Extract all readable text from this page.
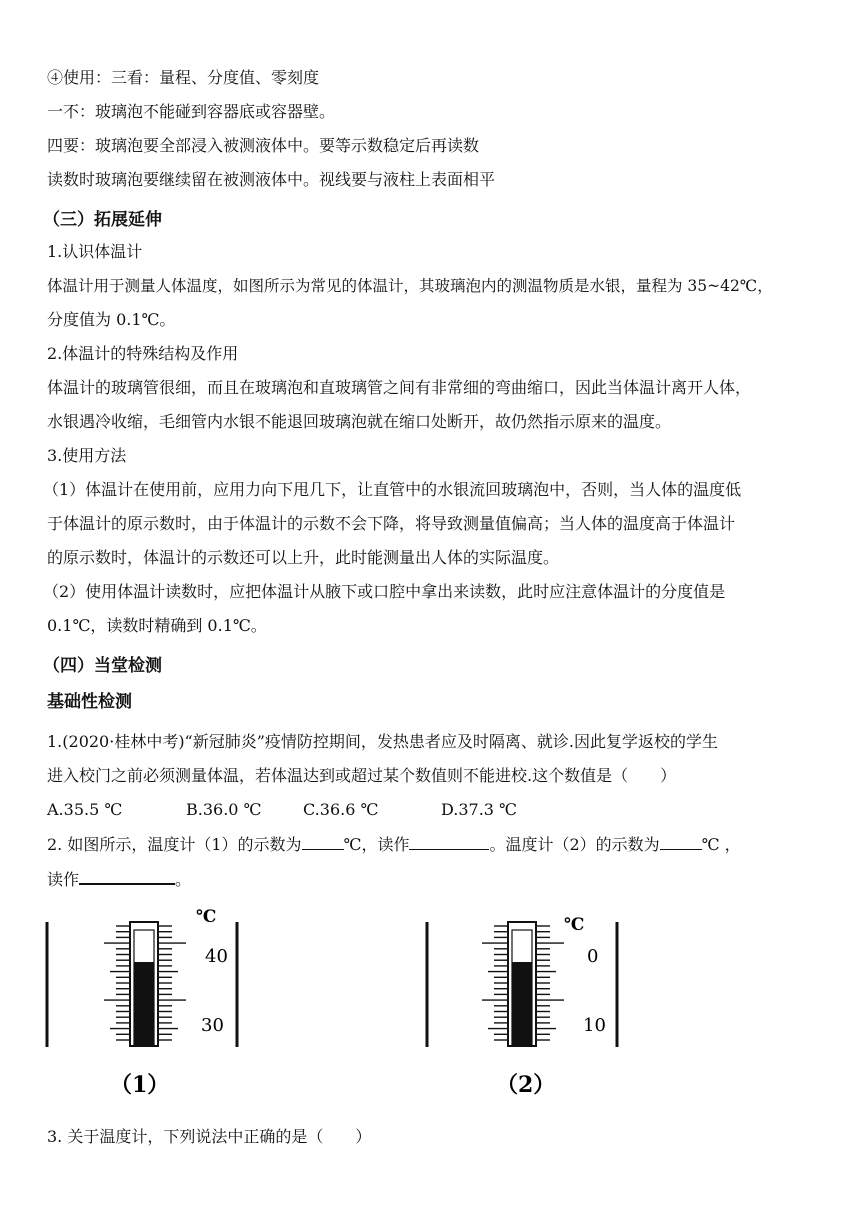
④使用：三看：量程、分度值、零刻度
一不：玻璃泡不能碰到容器底或容器壁。
四要：玻璃泡要全部浸入被测液体中。要等示数稳定后再读数
读数时玻璃泡要继续留在被测液体中。视线要与液柱上表面相平
（三）拓展延伸
1.认识体温计
体温计用于测量人体温度，如图所示为常见的体温计，其玻璃泡内的测温物质是水银，量程为 35~42℃，
分度值为 0.1℃。
2.体温计的特殊结构及作用
体温计的玻璃管很细，而且在玻璃泡和直玻璃管之间有非常细的弯曲缩口，因此当体温计离开人体，
水银遇冷收缩，毛细管内水银不能退回玻璃泡就在缩口处断开，故仍然指示原来的温度。
3.使用方法
（1）体温计在使用前，应用力向下甩几下，让直管中的水银流回玻璃泡中，否则，当人体的温度低
于体温计的原示数时，由于体温计的示数不会下降，将导致测量值偏高；当人体的温度高于体温计
的原示数时，体温计的示数还可以上升，此时能测量出人体的实际温度。
（2）使用体温计读数时，应把体温计从腋下或口腔中拿出来读数，此时应注意体温计的分度值是
0.1℃，读数时精确到 0.1℃。
（四）当堂检测
基础性检测
1.(2020·桂林中考)“新冠肺炎”疫情防控期间，发热患者应及时隔离、就诊.因此复学返校的学生
进入校门之前必须测量体温，若体温达到或超过某个数值则不能进校.这个数值是（　　）
A.35.5 ℃	B.36.0 ℃	C.36.6 ℃	D.37.3 ℃
2. 如图所示，温度计（1）的示数为	℃，读作	。温度计（2）的示数为	℃ ，
读作	。
℃
40
30
（1）
℃
0
10
（2）
3. 关于温度计，下列说法中正确的是（　　）
